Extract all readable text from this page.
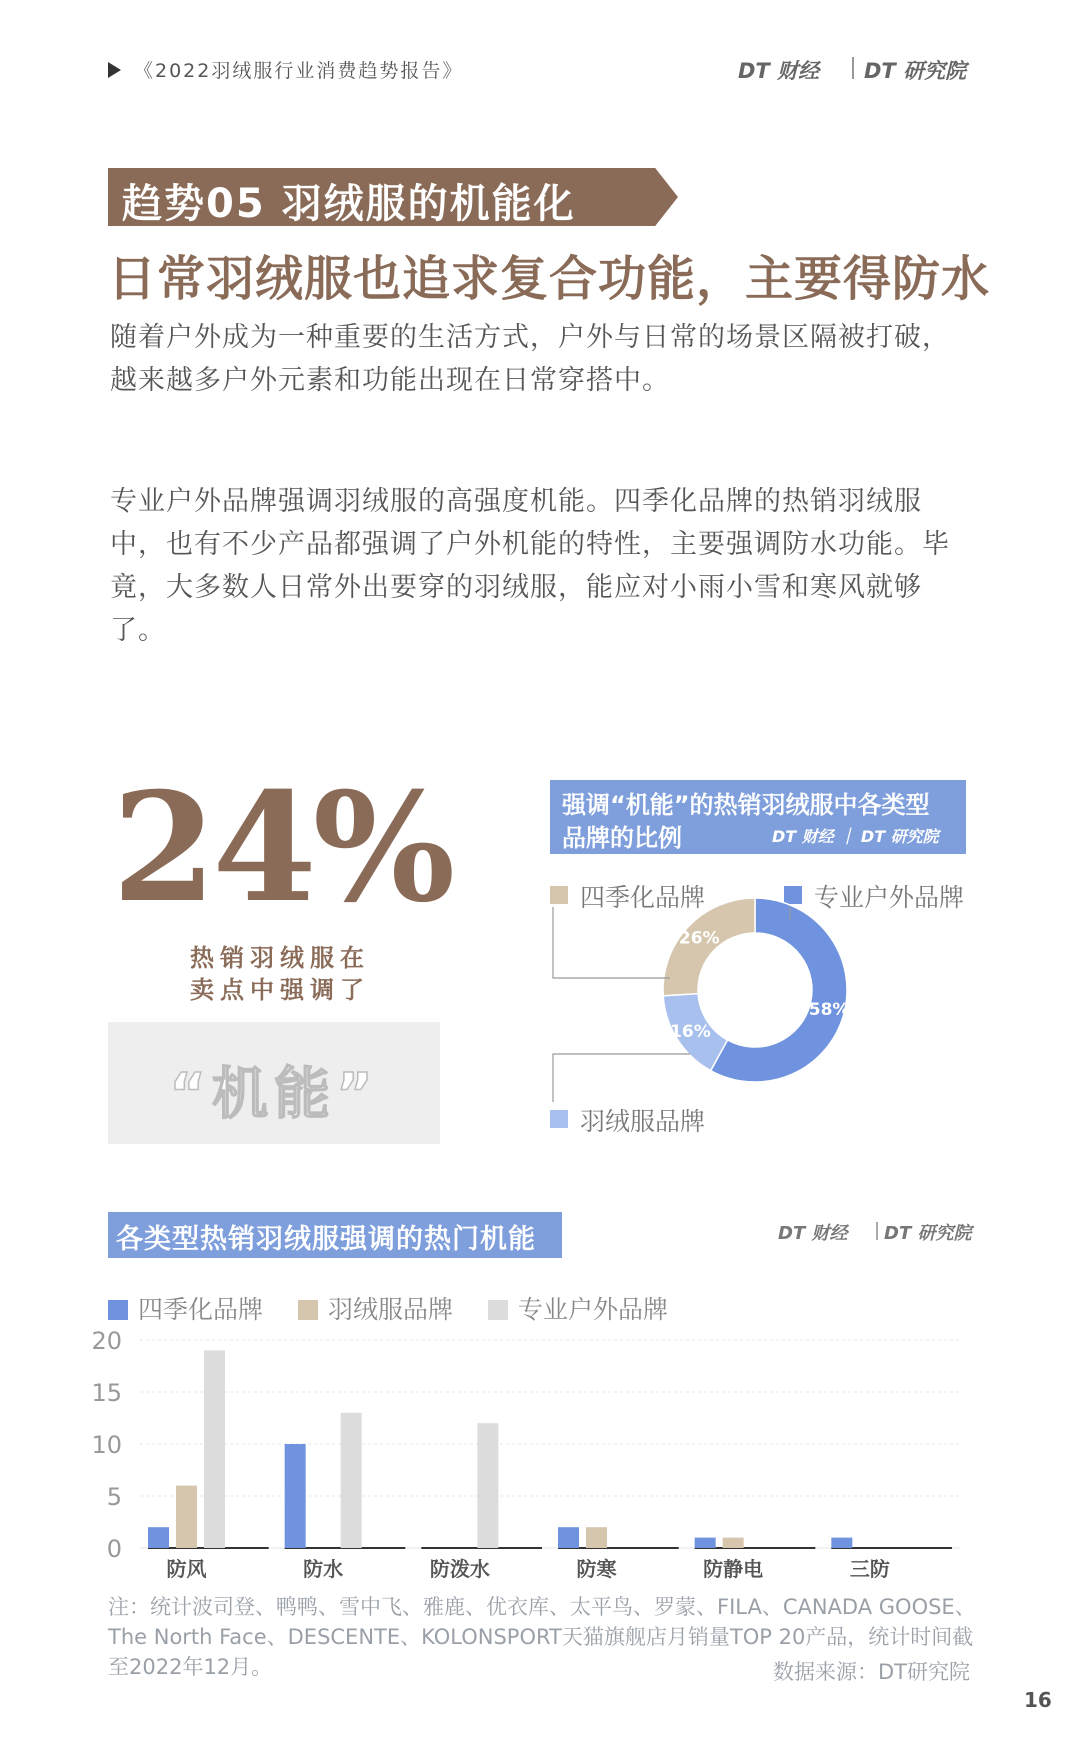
《2022羽绒服行业消费趋势报告》	DT 财经 DT 研究院
趋势05 羽绒服的机能化
日常羽绒服也追求复合功能，主要得防水
随着户外成为一种重要的生活方式，户外与日常的场景区隔被打破，越来越多户外元素和功能出现在日常穿搭中。
专业户外品牌强调羽绒服的高强度机能。四季化品牌的热销羽绒服中，也有不少产品都强调了户外机能的特性，主要强调防水功能。毕竟，大多数人日常外出要穿的羽绒服，能应对小雨小雪和寒风就够了。
24%
热销羽绒服在
卖点中强调了
“机能”
强调“机能”的热销羽绒服中各类型
品牌的比例	DT 财经 ｜ DT 研究院
四季化品牌	专业户外品牌
羽绒服品牌
58%
16%
26%
各类型热销羽绒服强调的热门机能	DT 财经 DT 研究院
四季化品牌	羽绒服品牌	专业户外品牌
0
5
10
15
20
防风	防水	防泼水	防寒	防静电	三防
注：统计波司登、鸭鸭、雪中飞、雅鹿、优衣库、太平鸟、罗蒙、FILA、CANADA GOOSE、
The North Face、DESCENTE、KOLONSPORT天猫旗舰店月销量TOP 20产品，统计时间截
至2022年12月。	数据来源：DT研究院
16
